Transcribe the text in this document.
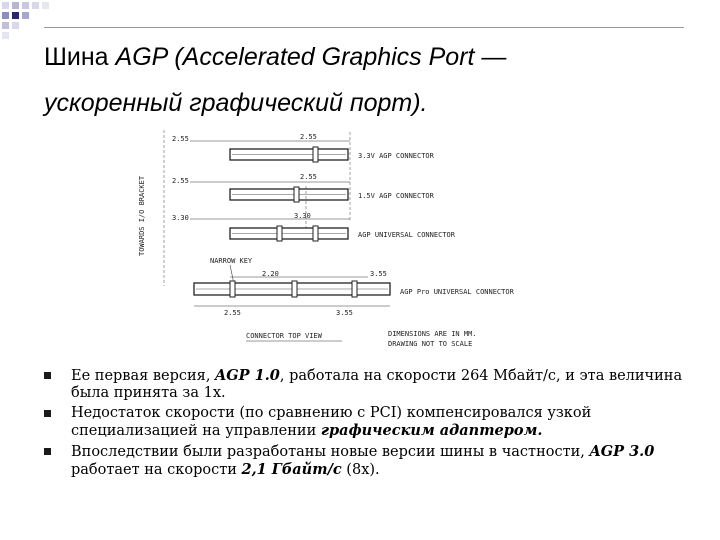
Шина AGP (Accelerated Graphics Port —
ускоренный графический порт).
TOWARDS I/O BRACKET
2.55	2.55
3.3V AGP CONNECTOR
2.55	2.55
1.5V AGP CONNECTOR
3.30	3.30
AGP UNIVERSAL CONNECTOR
NARROW KEY
2.20	3.55
AGP Pro UNIVERSAL CONNECTOR
2.55	3.55
CONNECTOR TOP VIEW	DIMENSIONS ARE IN MM.
DRAWING NOT TO SCALE
Ее первая версия, AGP 1.0, работала на скорости 264 Мбайт/с, и эта величина была принята за 1х.
Недостаток скорости (по сравнению с PCI) компенсировался узкой специализацией на управлении графическим адаптером.
Впоследствии были разработаны новые версии шины в частности, AGP 3.0 работает на скорости 2,1 Гбайт/с (8х).
